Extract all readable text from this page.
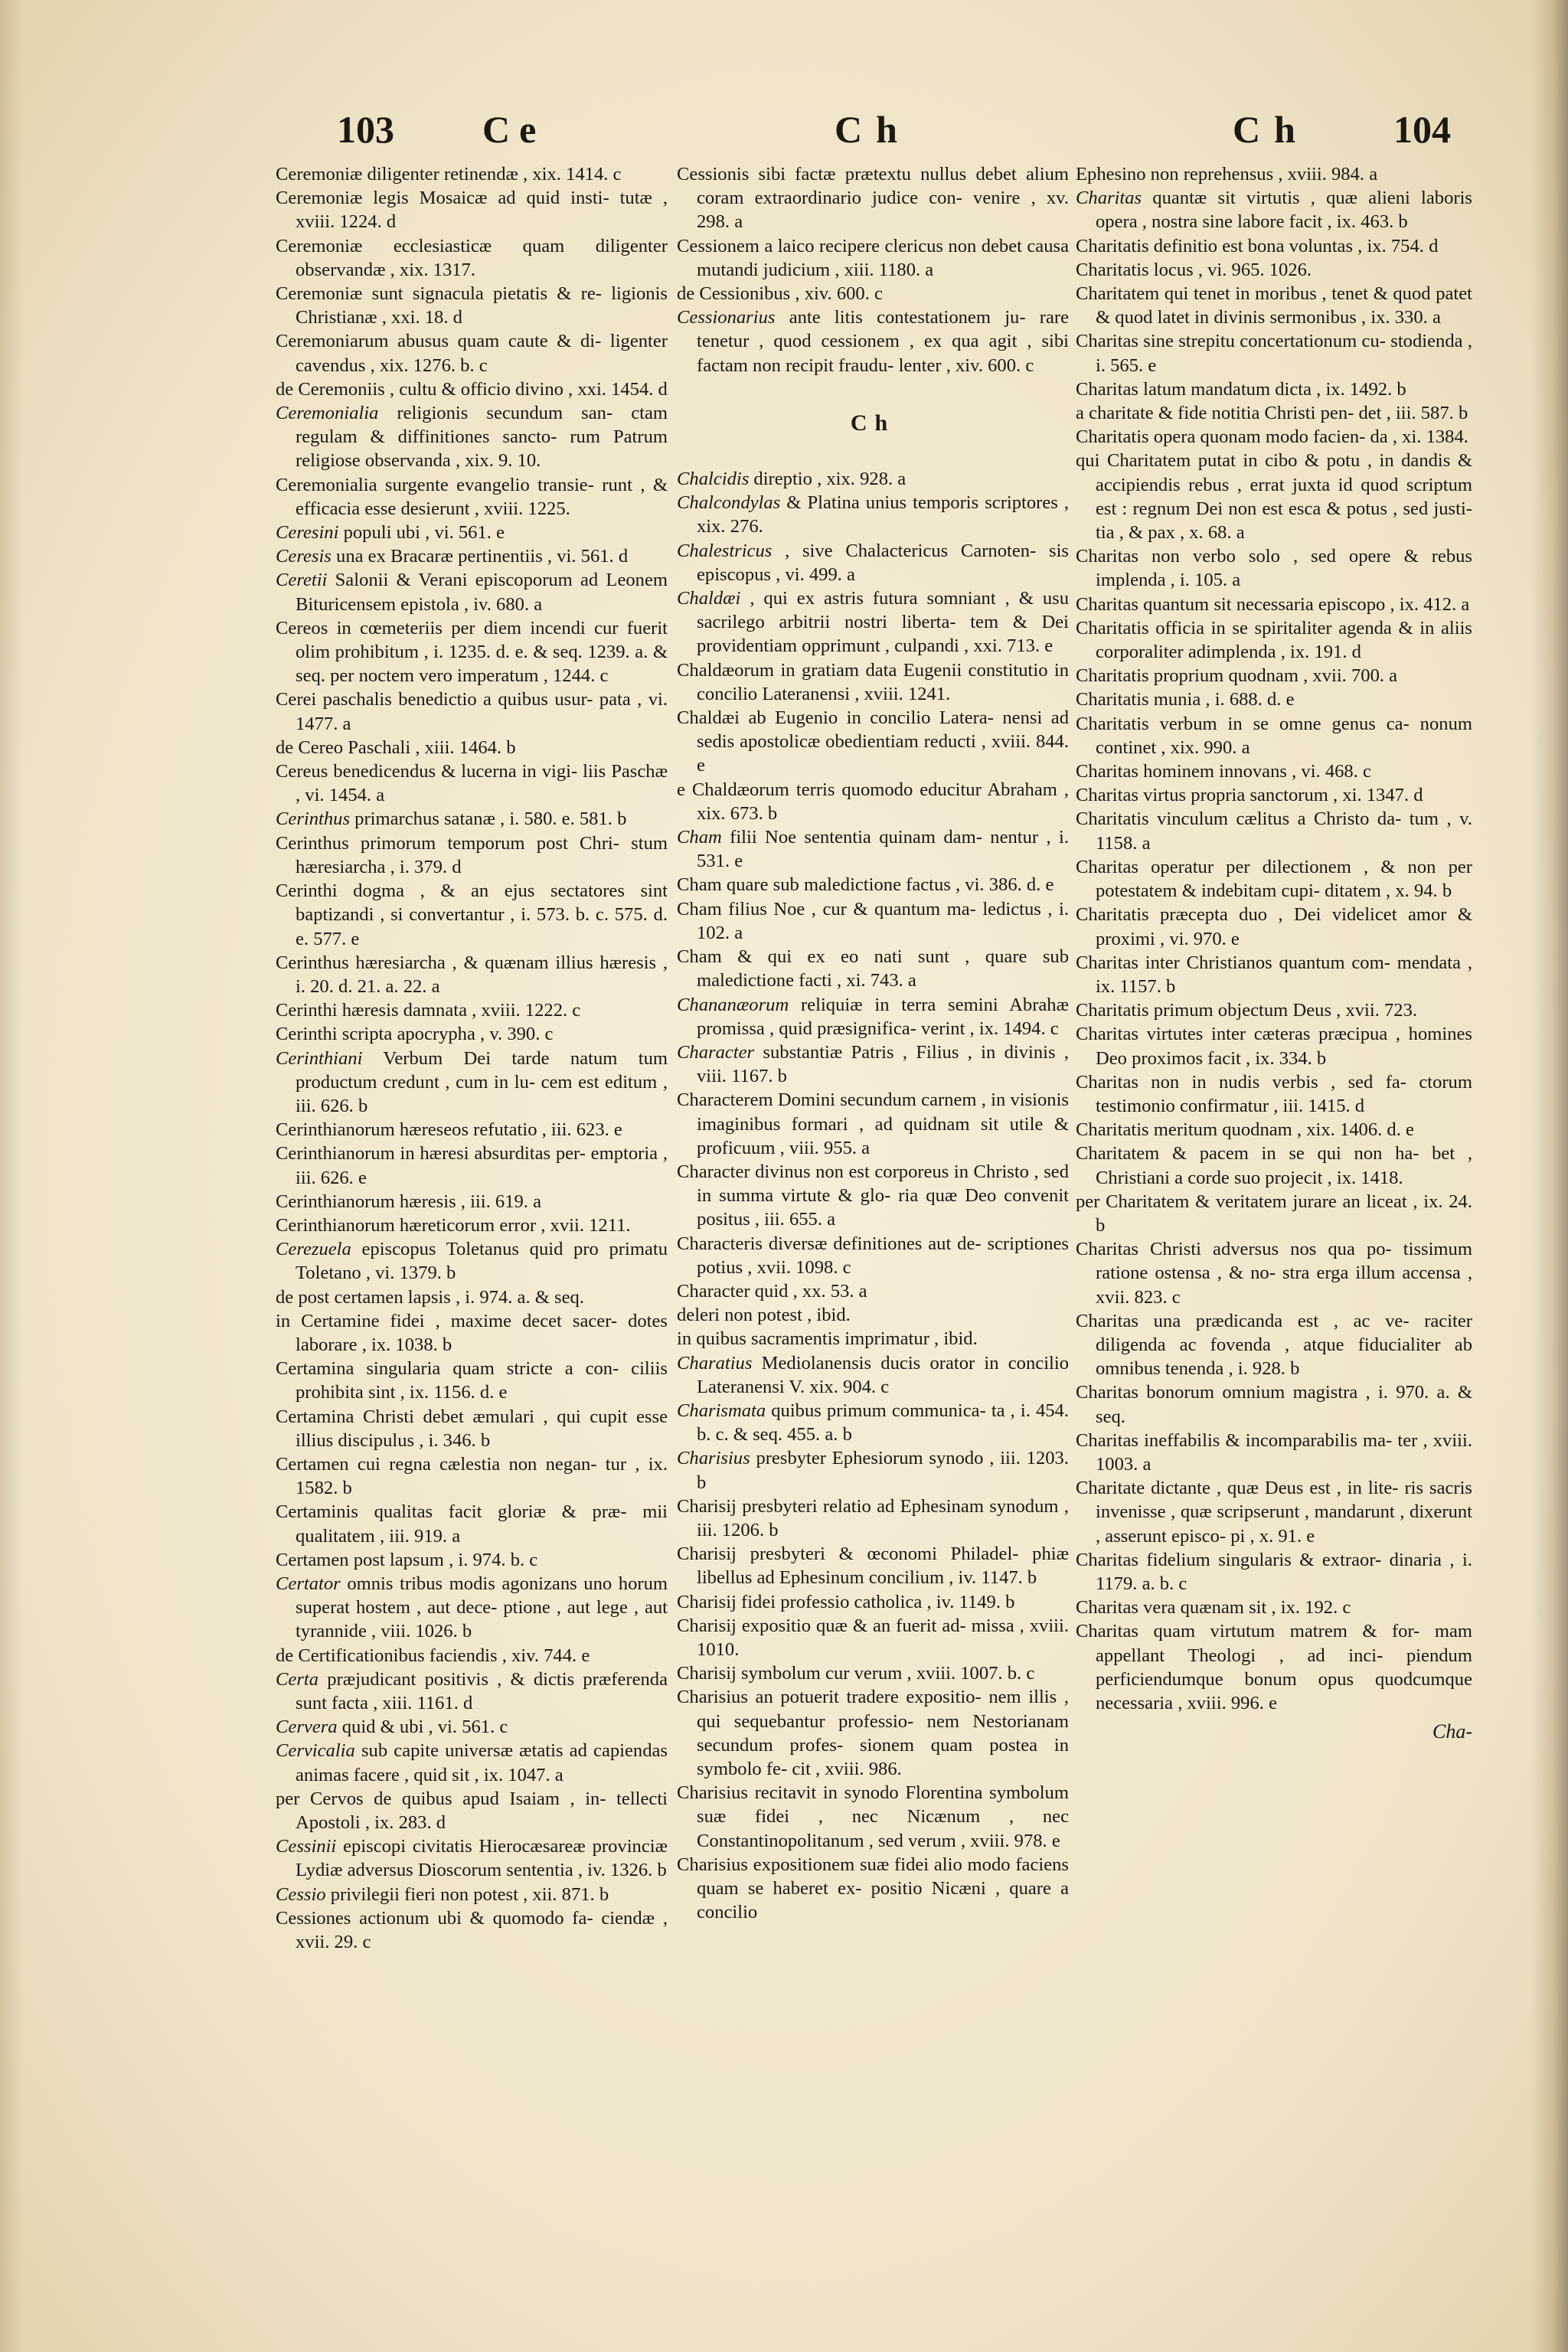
103 Ce	Ch	Ch 104
Ceremoniæ diligenter retinendæ , xix. 1414. c
Ceremoniæ legis Mosaicæ ad quid insti- tutæ , xviii. 1224. d
Ceremoniæ ecclesiasticæ quam diligenter observandæ , xix. 1317.
Ceremoniæ sunt signacula pietatis & re- ligionis Christianæ , xxi. 18. d
Ceremoniarum abusus quam caute & di- ligenter cavendus , xix. 1276. b. c
de Ceremoniis , cultu & officio divino , xxi. 1454. d
Ceremonialia religionis secundum san- ctam regulam & diffinitiones sancto- rum Patrum religiose observanda , xix. 9. 10.
Ceremonialia surgente evangelio transie- runt , & efficacia esse desierunt , xviii. 1225.
Ceresini populi ubi , vi. 561. e
Ceresis una ex Bracaræ pertinentiis , vi. 561. d
Ceretii Salonii & Verani episcoporum ad Leonem Bituricensem epistola , iv. 680. a
Cereos in cœmeteriis per diem incendi cur fuerit olim prohibitum , i. 1235. d. e. & seq. 1239. a. & seq. per noctem vero imperatum , 1244. c
Cerei paschalis benedictio a quibus usur- pata , vi. 1477. a
de Cereo Paschali , xiii. 1464. b
Cereus benedicendus & lucerna in vigi- liis Paschæ , vi. 1454. a
Cerinthus primarchus satanæ , i. 580. e. 581. b
Cerinthus primorum temporum post Chri- stum hæresiarcha , i. 379. d
Cerinthi dogma , & an ejus sectatores sint baptizandi , si convertantur , i. 573. b. c. 575. d. e. 577. e
Cerinthus hæresiarcha , & quænam illius hæresis , i. 20. d. 21. a. 22. a
Cerinthi hæresis damnata , xviii. 1222. c
Cerinthi scripta apocrypha , v. 390. c
Cerinthiani Verbum Dei tarde natum tum productum credunt , cum in lu- cem est editum , iii. 626. b
Cerinthianorum hæreseos refutatio , iii. 623. e
Cerinthianorum in hæresi absurditas per- emptoria , iii. 626. e
Cerinthianorum hæresis , iii. 619. a
Cerinthianorum hæreticorum error , xvii. 1211.
Cerezuela episcopus Toletanus quid pro primatu Toletano , vi. 1379. b
de post certamen lapsis , i. 974. a. & seq.
in Certamine fidei , maxime decet sacer- dotes laborare , ix. 1038. b
Certamina singularia quam stricte a con- ciliis prohibita sint , ix. 1156. d. e
Certamina Christi debet æmulari , qui cupit esse illius discipulus , i. 346. b
Certamen cui regna cælestia non negan- tur , ix. 1582. b
Certaminis qualitas facit gloriæ & præ- mii qualitatem , iii. 919. a
Certamen post lapsum , i. 974. b. c
Certator omnis tribus modis agonizans uno horum superat hostem , aut dece- ptione , aut lege , aut tyrannide , viii. 1026. b
de Certificationibus faciendis , xiv. 744. e
Certa præjudicant positivis , & dictis præferenda sunt facta , xiii. 1161. d
Cervera quid & ubi , vi. 561. c
Cervicalia sub capite universæ ætatis ad capiendas animas facere , quid sit , ix. 1047. a
per Cervos de quibus apud Isaiam , in- tellecti Apostoli , ix. 283. d
Cessinii episcopi civitatis Hierocæsareæ provinciæ Lydiæ adversus Dioscorum sententia , iv. 1326. b
Cessio privilegii fieri non potest , xii. 871. b
Cessiones actionum ubi & quomodo fa- ciendæ , xvii. 29. c
Cessionis sibi factæ prætextu nullus debet alium coram extraordinario judice con- venire , xv. 298. a
Cessionem a laico recipere clericus non debet causa mutandi judicium , xiii. 1180. a
de Cessionibus , xiv. 600. c
Cessionarius ante litis contestationem ju- rare tenetur , quod cessionem , ex qua agit , sibi factam non recipit fraudu- lenter , xiv. 600. c
Ch
Chalcidis direptio , xix. 928. a
Chalcondylas & Platina unius temporis scriptores , xix. 276.
Chalestricus , sive Chalactericus Carnoten- sis episcopus , vi. 499. a
Chaldæi , qui ex astris futura somniant , & usu sacrilego arbitrii nostri liberta- tem & Dei providentiam opprimunt , culpandi , xxi. 713. e
Chaldæorum in gratiam data Eugenii constitutio in concilio Lateranensi , xviii. 1241.
Chaldæi ab Eugenio in concilio Latera- nensi ad sedis apostolicæ obedientiam reducti , xviii. 844. e
e Chaldæorum terris quomodo educitur Abraham , xix. 673. b
Cham filii Noe sententia quinam dam- nentur , i. 531. e
Cham quare sub maledictione factus , vi. 386. d. e
Cham filius Noe , cur & quantum ma- ledictus , i. 102. a
Cham & qui ex eo nati sunt , quare sub maledictione facti , xi. 743. a
Chananæorum reliquiæ in terra semini Abrahæ promissa , quid præsignifica- verint , ix. 1494. c
Character substantiæ Patris , Filius , in divinis , viii. 1167. b
Characterem Domini secundum carnem , in visionis imaginibus formari , ad quidnam sit utile & proficuum , viii. 955. a
Character divinus non est corporeus in Christo , sed in summa virtute & glo- ria quæ Deo convenit positus , iii. 655. a
Characteris diversæ definitiones aut de- scriptiones potius , xvii. 1098. c
Character quid , xx. 53. a
deleri non potest , ibid.
in quibus sacramentis imprimatur , ibid.
Charatius Mediolanensis ducis orator in concilio Lateranensi V. xix. 904. c
Charismata quibus primum communica- ta , i. 454. b. c. & seq. 455. a. b
Charisius presbyter Ephesiorum synodo , iii. 1203. b
Charisij presbyteri relatio ad Ephesinam synodum , iii. 1206. b
Charisij presbyteri & œconomi Philadel- phiæ libellus ad Ephesinum concilium , iv. 1147. b
Charisij fidei professio catholica , iv. 1149. b
Charisij expositio quæ & an fuerit ad- missa , xviii. 1010.
Charisij symbolum cur verum , xviii. 1007. b. c
Charisius an potuerit tradere expositio- nem illis , qui sequebantur professio- nem Nestorianam secundum profes- sionem quam postea in symbolo fe- cit , xviii. 986.
Charisius recitavit in synodo Florentina symbolum suæ fidei , nec Nicænum , nec Constantinopolitanum , sed verum , xviii. 978. e
Charisius expositionem suæ fidei alio modo faciens quam se haberet ex- positio Nicæni , quare a concilio
Ephesino non reprehensus , xviii. 984. a
Charitas quantæ sit virtutis , quæ alieni laboris opera , nostra sine labore facit , ix. 463. b
Charitatis definitio est bona voluntas , ix. 754. d
Charitatis locus , vi. 965. 1026.
Charitatem qui tenet in moribus , tenet & quod patet & quod latet in divinis sermonibus , ix. 330. a
Charitas sine strepitu concertationum cu- stodienda , i. 565. e
Charitas latum mandatum dicta , ix. 1492. b
a charitate & fide notitia Christi pen- det , iii. 587. b
Charitatis opera quonam modo facien- da , xi. 1384.
qui Charitatem putat in cibo & potu , in dandis & accipiendis rebus , errat juxta id quod scriptum est : regnum Dei non est esca & potus , sed justi- tia , & pax , x. 68. a
Charitas non verbo solo , sed opere & rebus implenda , i. 105. a
Charitas quantum sit necessaria episcopo , ix. 412. a
Charitatis officia in se spiritaliter agenda & in aliis corporaliter adimplenda , ix. 191. d
Charitatis proprium quodnam , xvii. 700. a
Charitatis munia , i. 688. d. e
Charitatis verbum in se omne genus ca- nonum continet , xix. 990. a
Charitas hominem innovans , vi. 468. c
Charitas virtus propria sanctorum , xi. 1347. d
Charitatis vinculum cælitus a Christo da- tum , v. 1158. a
Charitas operatur per dilectionem , & non per potestatem & indebitam cupi- ditatem , x. 94. b
Charitatis præcepta duo , Dei videlicet amor & proximi , vi. 970. e
Charitas inter Christianos quantum com- mendata , ix. 1157. b
Charitatis primum objectum Deus , xvii. 723.
Charitas virtutes inter cæteras præcipua , homines Deo proximos facit , ix. 334. b
Charitas non in nudis verbis , sed fa- ctorum testimonio confirmatur , iii. 1415. d
Charitatis meritum quodnam , xix. 1406. d. e
Charitatem & pacem in se qui non ha- bet , Christiani a corde suo projecit , ix. 1418.
per Charitatem & veritatem jurare an liceat , ix. 24. b
Charitas Christi adversus nos qua po- tissimum ratione ostensa , & no- stra erga illum accensa , xvii. 823. c
Charitas una prædicanda est , ac ve- raciter diligenda ac fovenda , atque fiducialiter ab omnibus tenenda , i. 928. b
Charitas bonorum omnium magistra , i. 970. a. & seq.
Charitas ineffabilis & incomparabilis ma- ter , xviii. 1003. a
Charitate dictante , quæ Deus est , in lite- ris sacris invenisse , quæ scripserunt , mandarunt , dixerunt , asserunt episco- pi , x. 91. e
Charitas fidelium singularis & extraor- dinaria , i. 1179. a. b. c
Charitas vera quænam sit , ix. 192. c
Charitas quam virtutum matrem & for- mam appellant Theologi , ad inci- piendum perficiendumque bonum opus quodcumque necessaria , xviii. 996. e
Cha-
